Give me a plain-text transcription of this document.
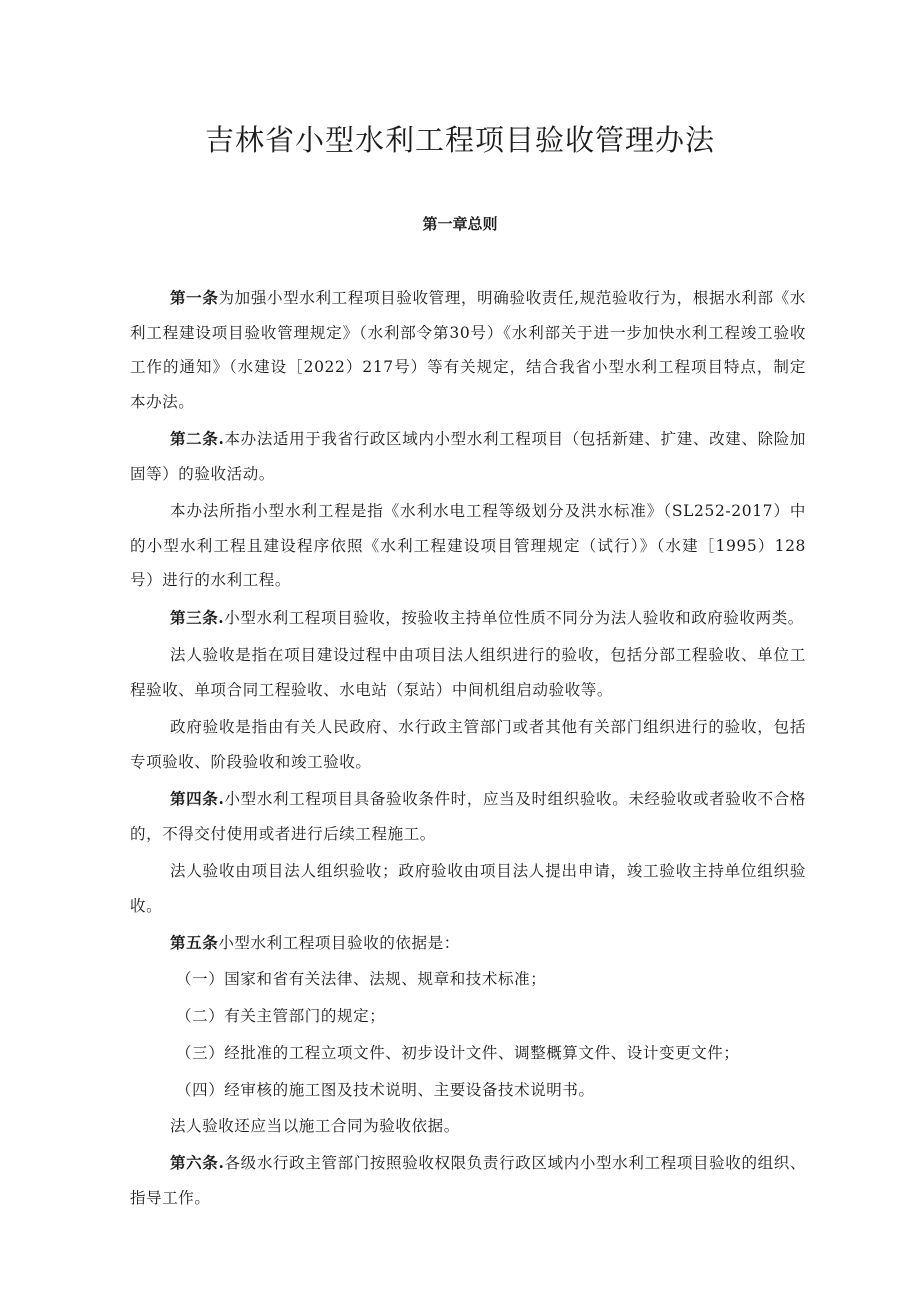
吉林省小型水利工程项目验收管理办法
第一章总则

第一条为加强小型水利工程项目验收管理，明确验收责任,规范验收行为，根据水利部《水利工程建设项目验收管理规定》（水利部令第30号）《水利部关于进一步加快水利工程竣工验收工作的通知》（水建设［2022）217号）等有关规定，结合我省小型水利工程项目特点，制定本办法。

第二条.本办法适用于我省行政区域内小型水利工程项目（包括新建、扩建、改建、除险加固等）的验收活动。

本办法所指小型水利工程是指《水利水电工程等级划分及洪水标准》（SL252-2017）中的小型水利工程且建设程序依照《水利工程建设项目管理规定（试行）》（水建［1995）128号）进行的水利工程。

第三条.小型水利工程项目验收，按验收主持单位性质不同分为法人验收和政府验收两类。

法人验收是指在项目建设过程中由项目法人组织进行的验收，包括分部工程验收、单位工程验收、单项合同工程验收、水电站（泵站）中间机组启动验收等。

政府验收是指由有关人民政府、水行政主管部门或者其他有关部门组织进行的验收，包括专项验收、阶段验收和竣工验收。

第四条.小型水利工程项目具备验收条件时，应当及时组织验收。未经验收或者验收不合格的，不得交付使用或者进行后续工程施工。

法人验收由项目法人组织验收；政府验收由项目法人提出申请，竣工验收主持单位组织验收。

第五条小型水利工程项目验收的依据是：

（一）国家和省有关法律、法规、规章和技术标准；

（二）有关主管部门的规定；

（三）经批准的工程立项文件、初步设计文件、调整概算文件、设计变更文件；

（四）经审核的施工图及技术说明、主要设备技术说明书。

法人验收还应当以施工合同为验收依据。

第六条.各级水行政主管部门按照验收权限负责行政区域内小型水利工程项目验收的组织、指导工作。
